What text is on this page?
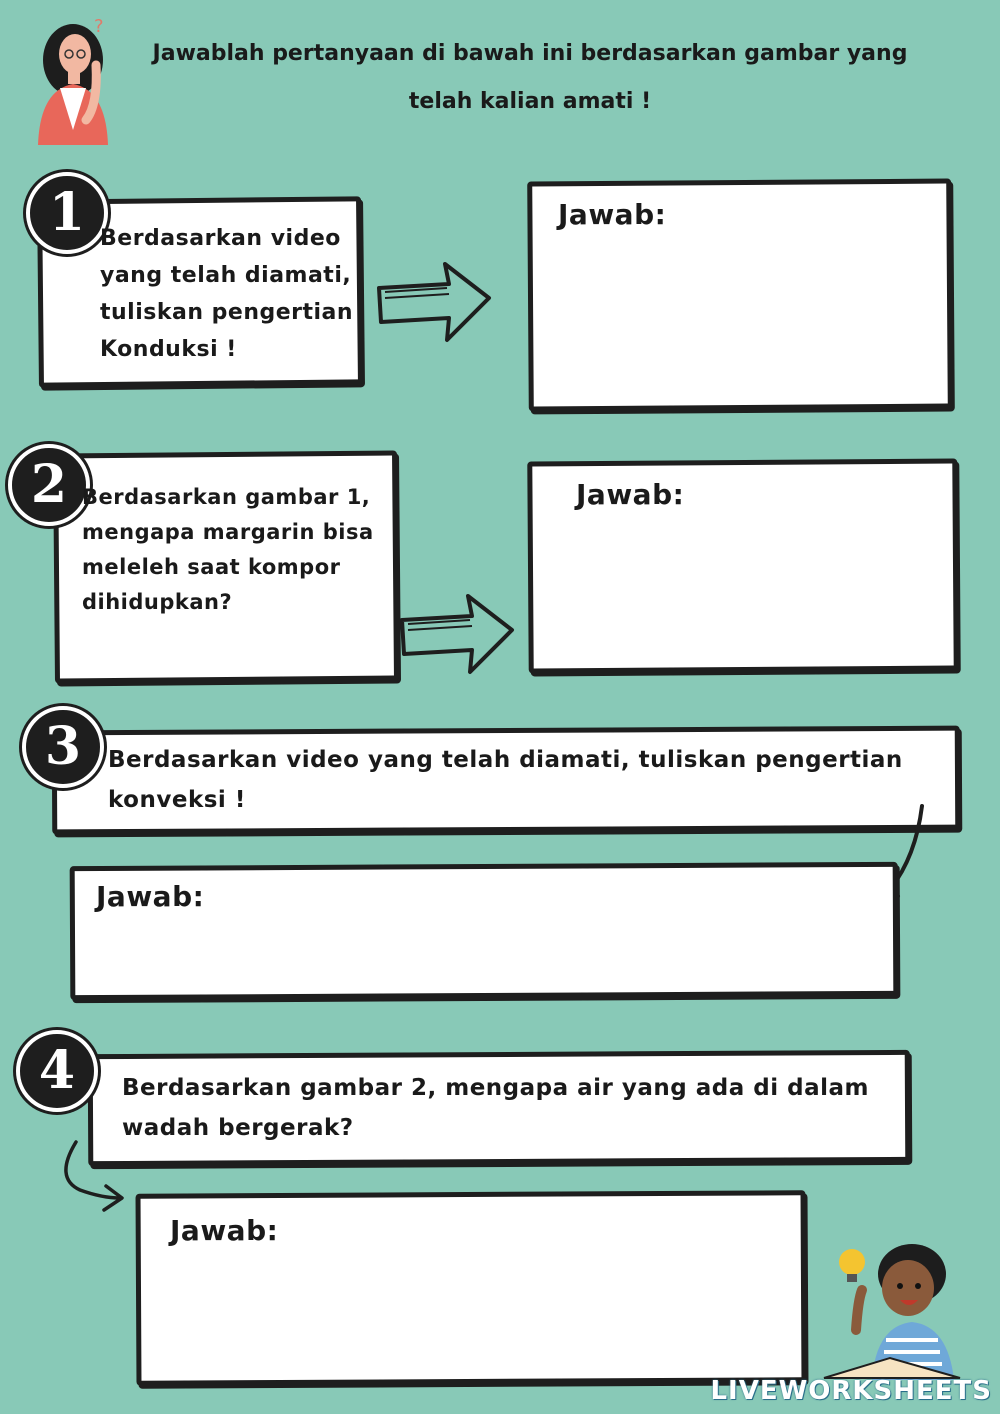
?
Jawablah pertanyaan di bawah ini berdasarkan gambar yang
telah kalian amati !
1 Berdasarkan video
yang telah diamati,
tuliskan pengertian
Konduksi !
Jawab:
2 Berdasarkan gambar 1,
mengapa margarin bisa
meleleh saat kompor
dihidupkan?
Jawab:
3	Berdasarkan video yang telah diamati, tuliskan pengertian
konveksi !
Jawab:
4	Berdasarkan gambar 2, mengapa air yang ada di dalam
wadah bergerak?
Jawab:
LIVEWORKSHEETS
